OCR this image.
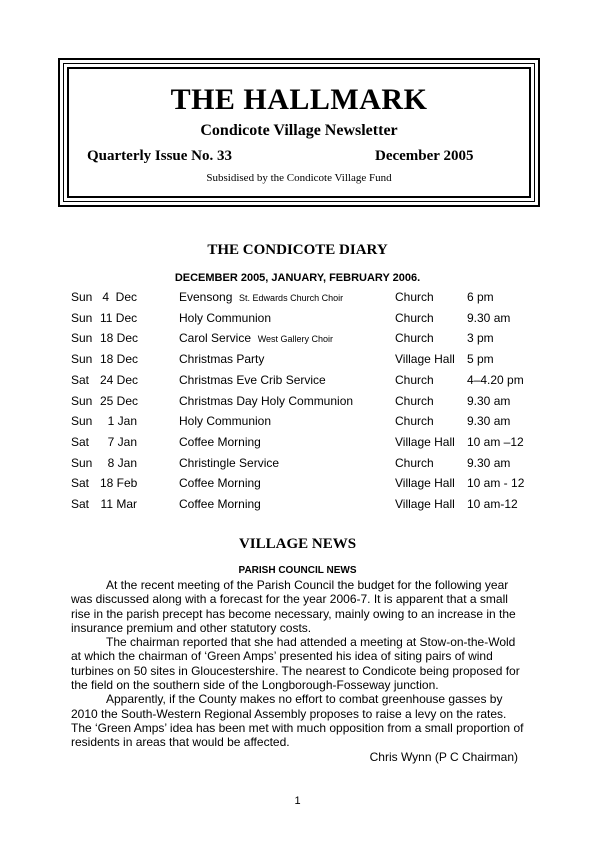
THE HALLMARK
Condicote Village Newsletter
Quarterly Issue No. 33	December 2005
Subsidised by the Condicote Village Fund
THE CONDICOTE DIARY
DECEMBER 2005, JANUARY, FEBRUARY 2006.
Sun 4  Dec	Evensong St. Edwards Church Choir	Church	6 pm
Sun 11 Dec	Holy Communion	Church	9.30 am
Sun 18 Dec	Carol Service West Gallery Choir	Church	3 pm
Sun 18 Dec	Christmas Party	Village Hall 5 pm
Sat 24 Dec	Christmas Eve Crib Service	Church	4–4.20 pm
Sun 25 Dec	Christmas Day Holy Communion	Church	9.30 am
Sun	1 Jan	Holy Communion	Church	9.30 am
Sat	7 Jan	Coffee Morning	Village Hall 10 am –12
Sun	8 Jan	Christingle Service	Church	9.30 am
Sat 18 Feb	Coffee Morning	Village Hall 10 am - 12
Sat 11 Mar	Coffee Morning	Village Hall 10 am-12
VILLAGE NEWS
PARISH COUNCIL NEWS

At the recent meeting of the Parish Council the budget for the following year was discussed along with a forecast for the year 2006-7. It is apparent that a small rise in the parish precept has become necessary, mainly owing to an increase in the insurance premium and other statutory costs.

The chairman reported that she had attended a meeting at Stow-on-the-Wold at which the chairman of ‘Green Amps’ presented his idea of siting pairs of wind turbines on 50 sites in Gloucestershire. The nearest to Condicote being proposed for the field on the southern side of the Longborough-Fosseway junction.

Apparently, if the County makes no effort to combat greenhouse gasses by 2010 the South-Western Regional Assembly proposes to raise a levy on the rates. The ‘Green Amps’ idea has been met with much opposition from a small proportion of residents in areas that would be affected.

Chris Wynn (P C Chairman)

1
